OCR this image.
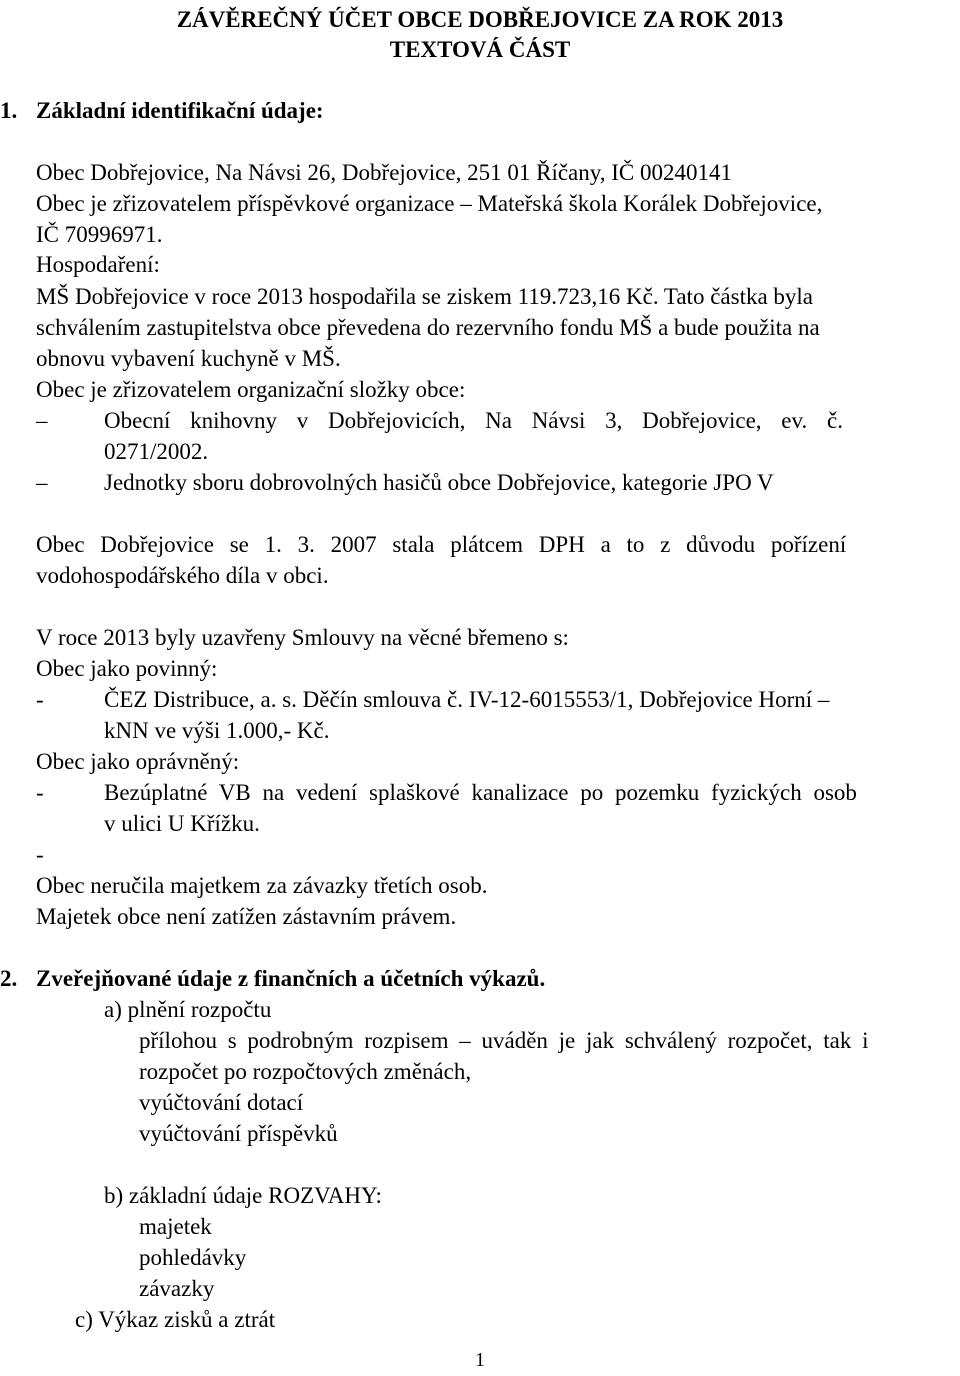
ZÁVĚREČNÝ ÚČET OBCE DOBŘEJOVICE ZA ROK 2013
TEXTOVÁ ČÁST
1. Základní identifikační údaje:
Obec Dobřejovice, Na Návsi 26, Dobřejovice, 251 01 Říčany, IČ 00240141
Obec je zřizovatelem příspěvkové organizace – Mateřská škola Korálek Dobřejovice,
IČ 70996971.
Hospodaření:
MŠ Dobřejovice v roce 2013 hospodařila se ziskem 119.723,16 Kč. Tato částka byla
schválením zastupitelstva obce převedena do rezervního fondu MŠ a bude použita na
obnovu vybavení kuchyně v MŠ.
Obec je zřizovatelem organizační složky obce:
– Obecní knihovny v Dobřejovicích, Na Návsi 3, Dobřejovice, ev. č.
0271/2002.
– Jednotky sboru dobrovolných hasičů obce Dobřejovice, kategorie JPO V
Obec Dobřejovice se 1. 3. 2007 stala plátcem DPH a to z důvodu pořízení
vodohospodářského díla v obci.
V roce 2013 byly uzavřeny Smlouvy na věcné břemeno s:
Obec jako povinný:
-	ČEZ Distribuce, a. s. Děčín smlouva č. IV-12-6015553/1, Dobřejovice Horní –
kNN ve výši 1.000,- Kč.
Obec jako oprávněný:
-	Bezúplatné VB na vedení splaškové kanalizace po pozemku fyzických osob
v ulici U Křížku.
-
Obec neručila majetkem za závazky třetích osob.
Majetek obce není zatížen zástavním právem.
2. Zveřejňované údaje z finančních a účetních výkazů.
a) plnění rozpočtu
přílohou s podrobným rozpisem – uváděn je jak schválený rozpočet, tak i
rozpočet po rozpočtových změnách,
vyúčtování dotací
vyúčtování příspěvků
b) základní údaje ROZVAHY:
majetek
pohledávky
závazky
c) Výkaz zisků a ztrát
1
